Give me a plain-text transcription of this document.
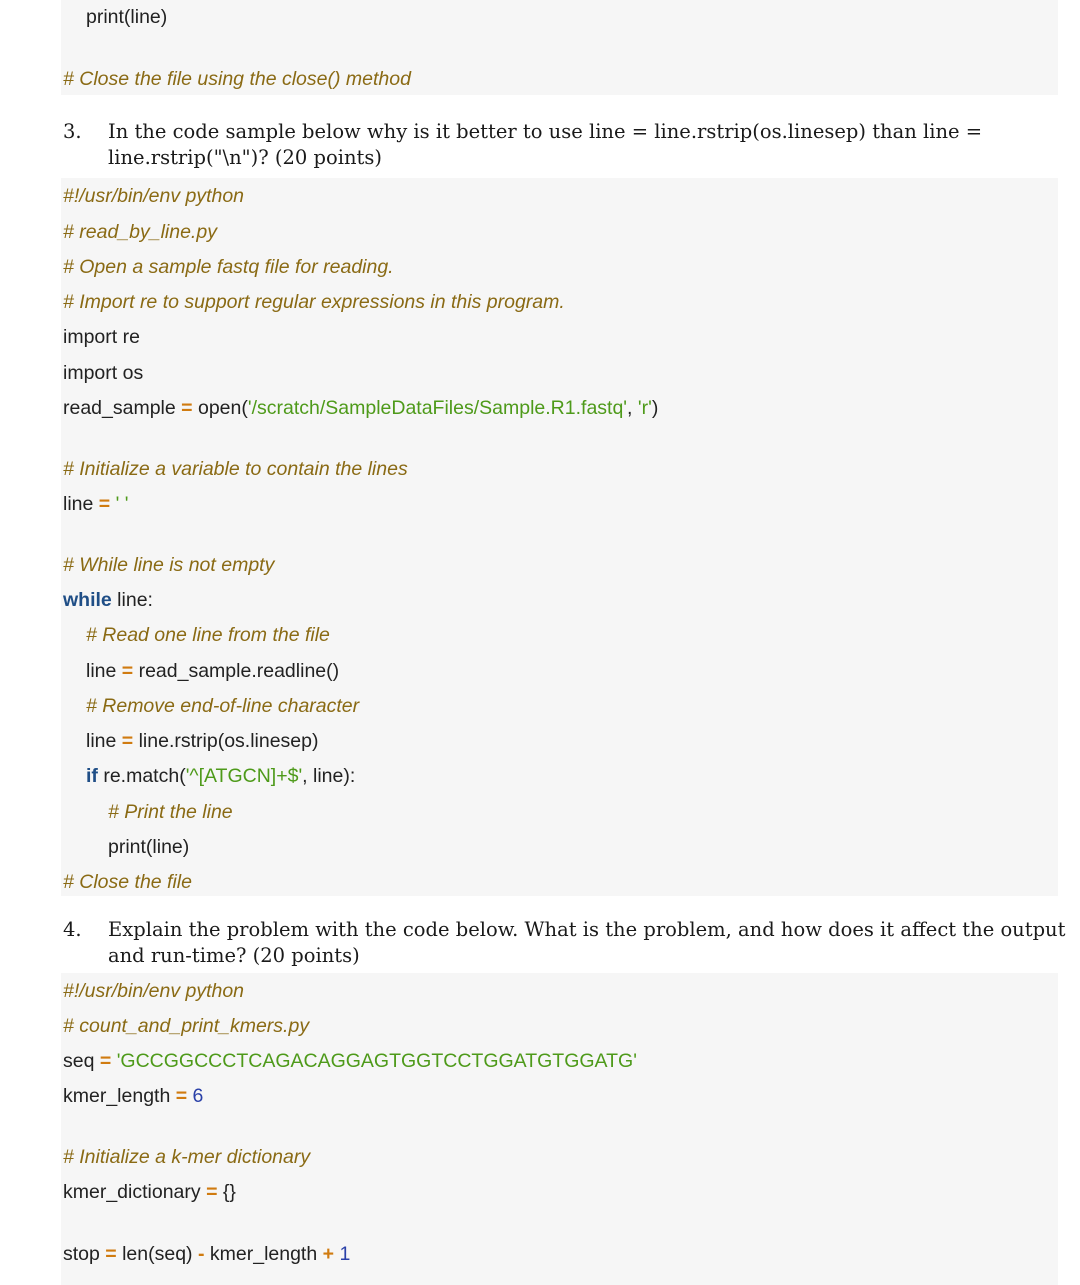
print(line)
# Close the file using the close() method
3.	In the code sample below why is it better to use line = line.rstrip(os.linesep) than line = line.rstrip("\n")? (20 points)
#!/usr/bin/env python
# read_by_line.py
# Open a sample fastq file for reading.
# Import re to support regular expressions in this program.
import re
import os
read_sample = open('/scratch/SampleDataFiles/Sample.R1.fastq', 'r')
# Initialize a variable to contain the lines
line = ' '
# While line is not empty
while line:
# Read one line from the file
line = read_sample.readline()
# Remove end-of-line character
line = line.rstrip(os.linesep)
if re.match('^[ATGCN]+$', line):
# Print the line
print(line)
# Close the file
4.	Explain the problem with the code below. What is the problem, and how does it affect the output and run-time? (20 points)
#!/usr/bin/env python
# count_and_print_kmers.py
seq = 'GCCGGCCCTCAGACAGGAGTGGTCCTGGATGTGGATG'
kmer_length = 6
# Initialize a k-mer dictionary
kmer_dictionary = {}
stop = len(seq) - kmer_length + 1
